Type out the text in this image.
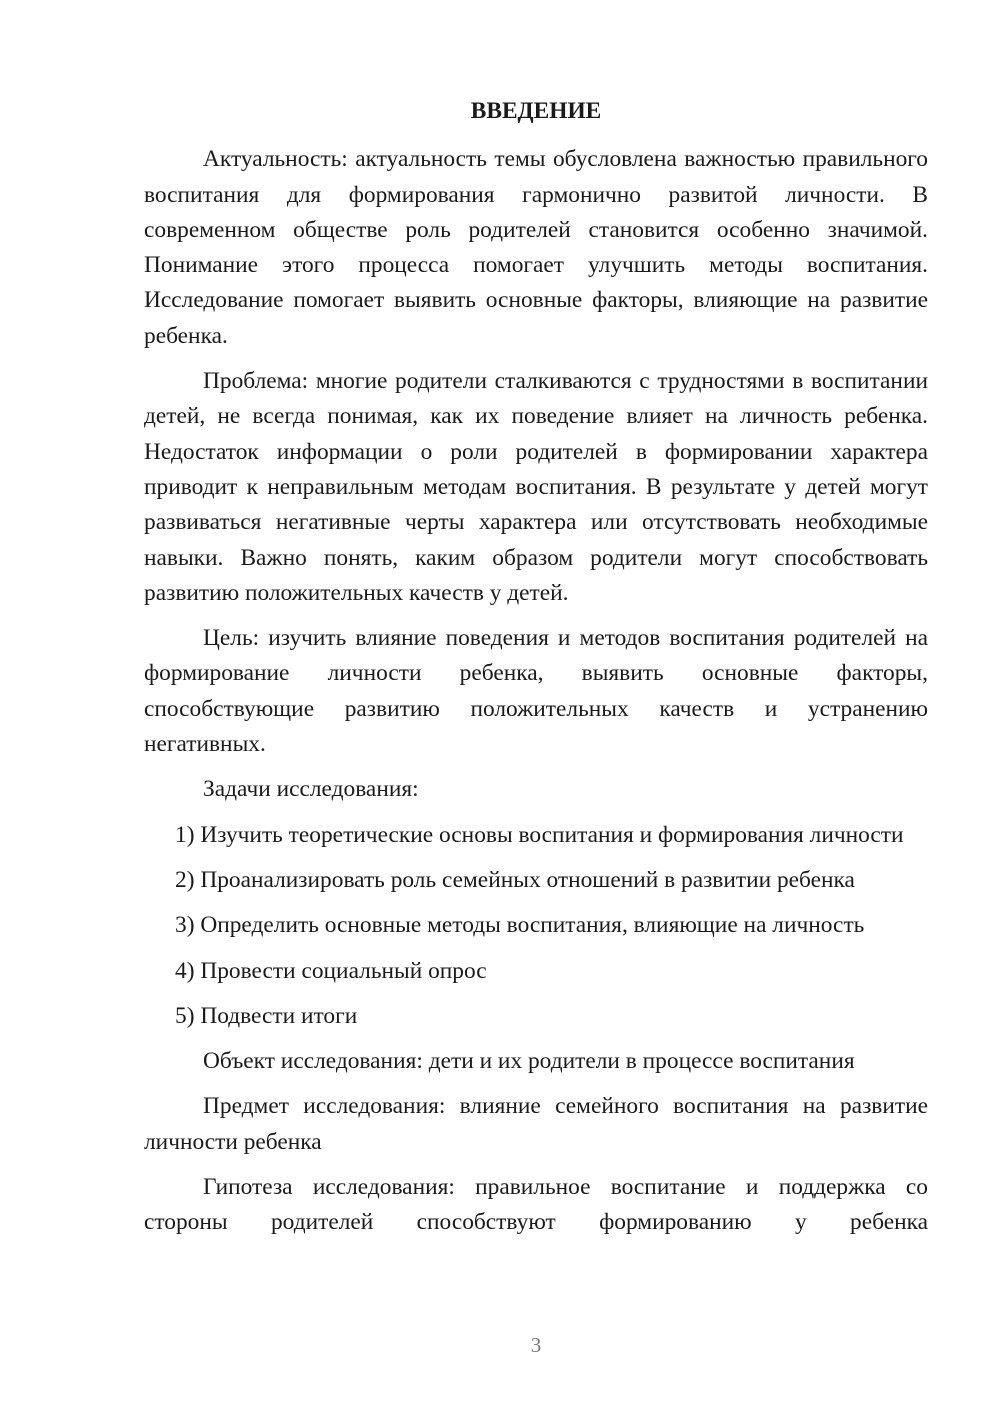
ВВЕДЕНИЕ

Актуальность: актуальность темы обусловлена важностью правильного воспитания для формирования гармонично развитой личности. В современном обществе роль родителей становится особенно значимой. Понимание этого процесса помогает улучшить методы воспитания. Исследование помогает выявить основные факторы, влияющие на развитие ребенка.

Проблема: многие родители сталкиваются с трудностями в воспитании детей, не всегда понимая, как их поведение влияет на личность ребенка. Недостаток информации о роли родителей в формировании характера приводит к неправильным методам воспитания. В результате у детей могут развиваться негативные черты характера или отсутствовать необходимые навыки. Важно понять, каким образом родители могут способствовать развитию положительных качеств у детей.

Цель: изучить влияние поведения и методов воспитания родителей на формирование личности ребенка, выявить основные факторы, способствующие развитию положительных качеств и устранению негативных.

Задачи исследования:

1) Изучить теоретические основы воспитания и формирования личности

2) Проанализировать роль семейных отношений в развитии ребенка

3) Определить основные методы воспитания, влияющие на личность

4) Провести социальный опрос

5) Подвести итоги

Объект исследования: дети и их родители в процессе воспитания

Предмет исследования: влияние семейного воспитания на развитие личности ребенка

Гипотеза исследования: правильное воспитание и поддержка со стороны родителей способствуют формированию у ребенка

3
